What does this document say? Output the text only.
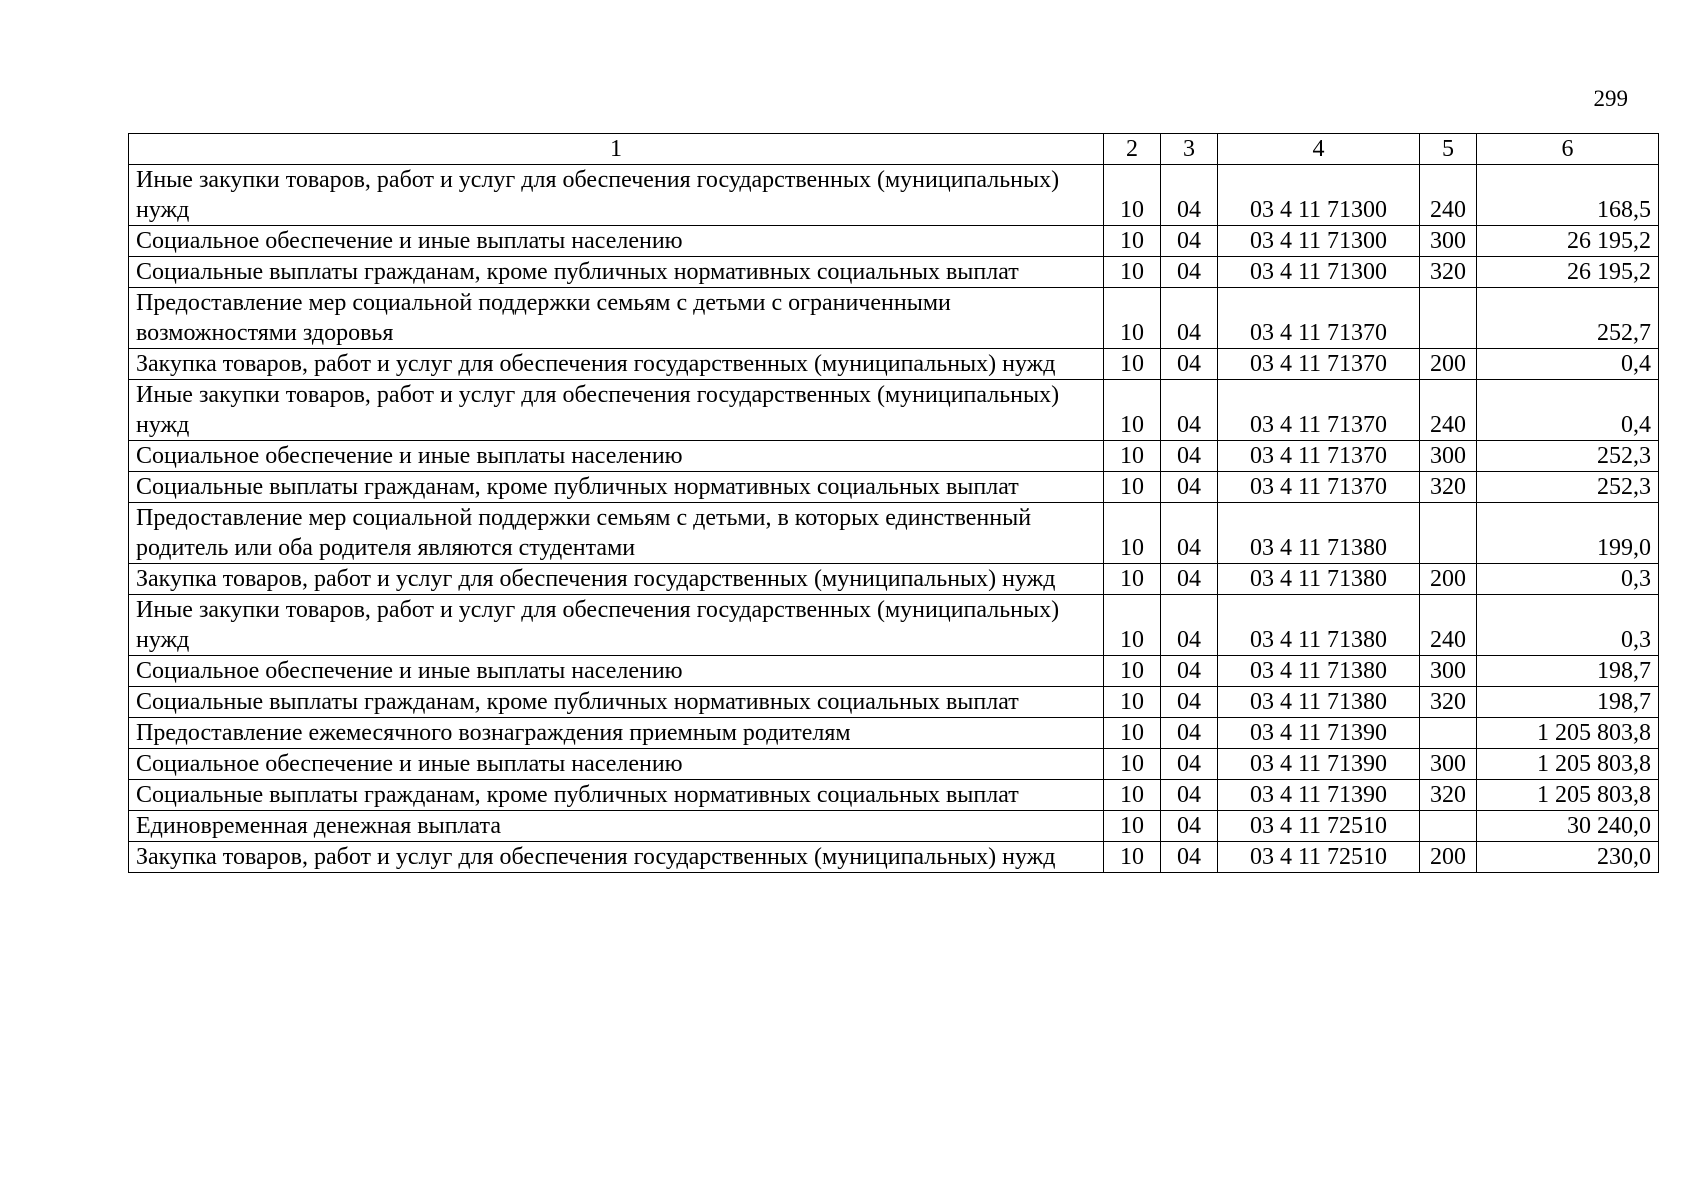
299
1	2	3	4	5	6
Иные закупки товаров, работ и услуг для обеспечения государственных (муниципальных) нужд	10	04	03 4 11 71300	240	168,5
Социальное обеспечение и иные выплаты населению	10	04	03 4 11 71300	300	26 195,2
Социальные выплаты гражданам, кроме публичных нормативных социальных выплат	10	04	03 4 11 71300	320	26 195,2
Предоставление мер социальной поддержки семьям с детьми с ограниченными возможностями здоровья	10	04	03 4 11 71370		252,7
Закупка товаров, работ и услуг для обеспечения государственных (муниципальных) нужд	10	04	03 4 11 71370	200	0,4
Иные закупки товаров, работ и услуг для обеспечения государственных (муниципальных) нужд	10	04	03 4 11 71370	240	0,4
Социальное обеспечение и иные выплаты населению	10	04	03 4 11 71370	300	252,3
Социальные выплаты гражданам, кроме публичных нормативных социальных выплат	10	04	03 4 11 71370	320	252,3
Предоставление мер социальной поддержки семьям с детьми, в которых единственный родитель или оба родителя являются студентами	10	04	03 4 11 71380		199,0
Закупка товаров, работ и услуг для обеспечения государственных (муниципальных) нужд	10	04	03 4 11 71380	200	0,3
Иные закупки товаров, работ и услуг для обеспечения государственных (муниципальных) нужд	10	04	03 4 11 71380	240	0,3
Социальное обеспечение и иные выплаты населению	10	04	03 4 11 71380	300	198,7
Социальные выплаты гражданам, кроме публичных нормативных социальных выплат	10	04	03 4 11 71380	320	198,7
Предоставление ежемесячного вознаграждения приемным родителям	10	04	03 4 11 71390		1 205 803,8
Социальное обеспечение и иные выплаты населению	10	04	03 4 11 71390	300	1 205 803,8
Социальные выплаты гражданам, кроме публичных нормативных социальных выплат	10	04	03 4 11 71390	320	1 205 803,8
Единовременная денежная выплата	10	04	03 4 11 72510		30 240,0
Закупка товаров, работ и услуг для обеспечения государственных (муниципальных) нужд	10	04	03 4 11 72510	200	230,0
